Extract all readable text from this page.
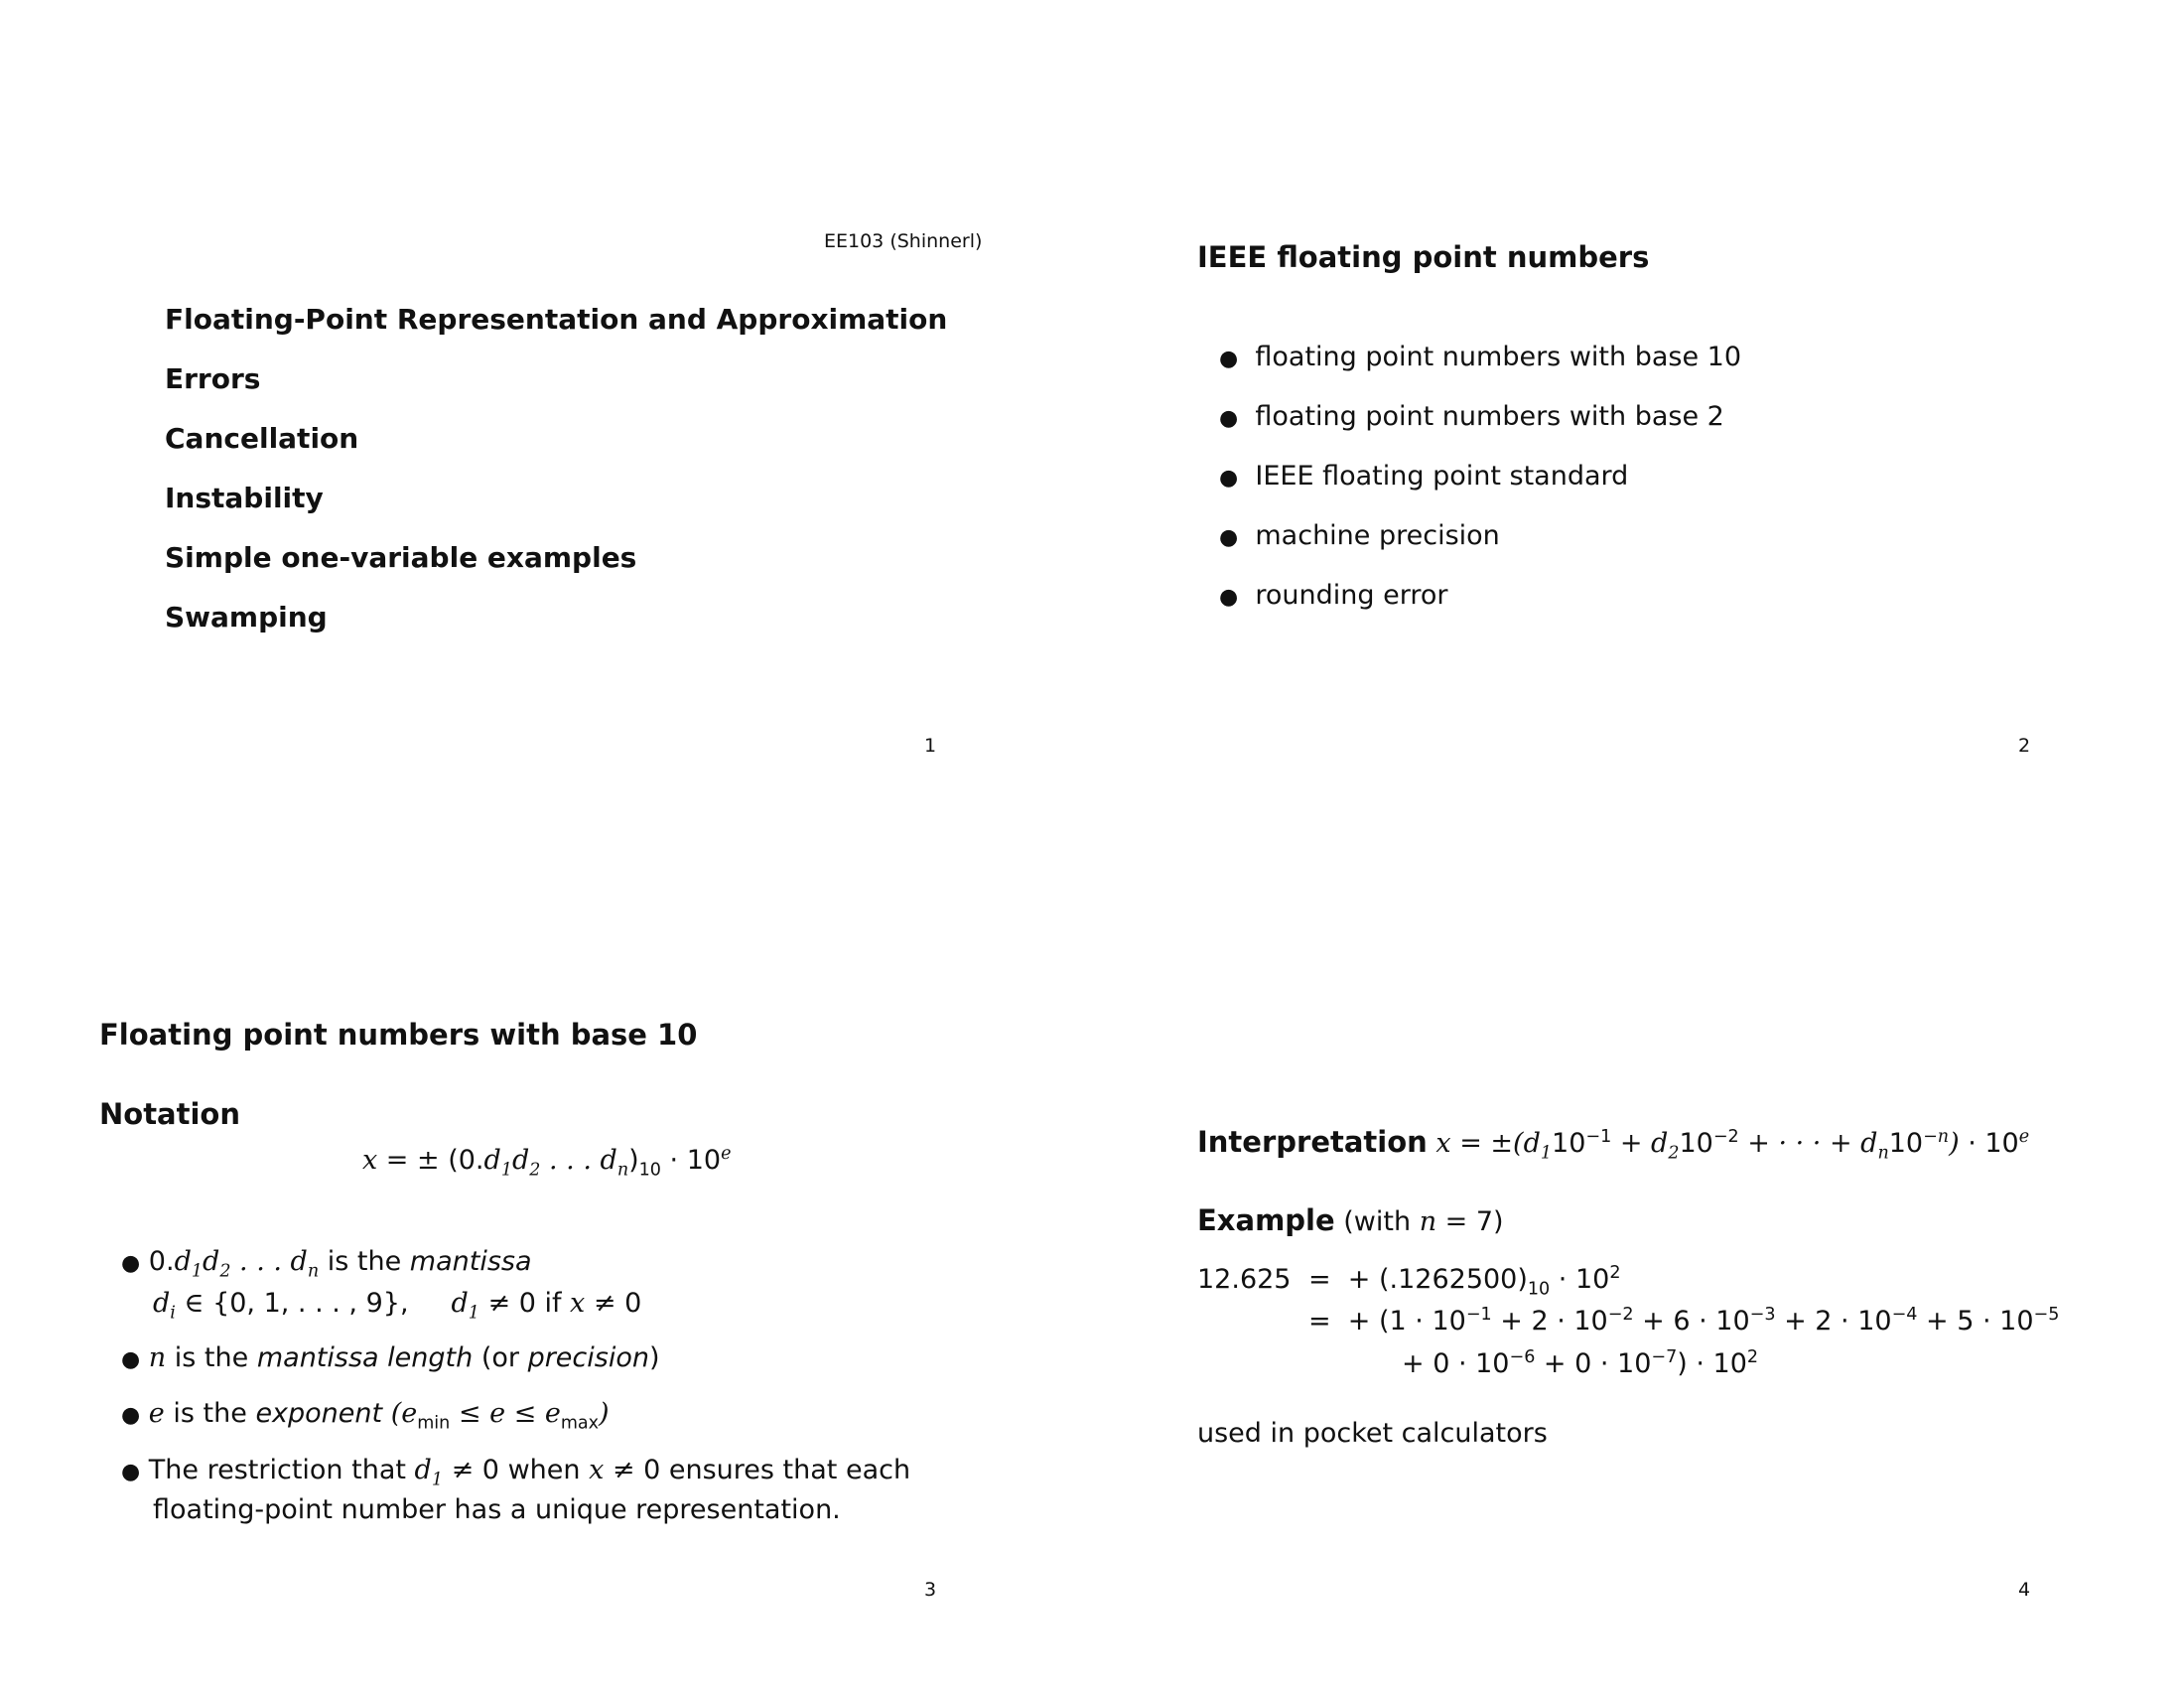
EE103 (Shinnerl)
Floating-Point Representation and Approximation
Errors
Cancellation
Instability
Simple one-variable examples
Swamping
1
IEEE floating point numbers
● floating point numbers with base 10
● floating point numbers with base 2
● IEEE floating point standard
● machine precision
● rounding error
2
Floating point numbers with base 10
Notation
x = ± ($0.d_1d_2$ . . . $d_n)_{10} \cdot 10^e$
● $0.d_1d_2$ . . . $d_n$ is the mantissa
$d_i$ ∈ {0, 1, . . . , 9},     $d_1 \ne 0$ if x ≠ 0
● n is the mantissa length (or precision)
● e is the exponent $(e_{min} \le e \le e_{max})$
● The restriction that $d_1 \ne 0$ when x ≠ 0 ensures that each
floating-point number has a unique representation.
3
Interpretation $x = \pm(d_110^{-1} + d_210^{-2}$ + · · · + $d_n10^{-n}) \cdot 10^e$
Example (with n = 7)
12.625 =  + $(.1262500)_{10} \cdot 10^2$
=  + ($1 \cdot 10^{-1} + 2 \cdot 10^{-2} + 6 \cdot 10^{-3} + 2 \cdot 10^{-4} + 5 \cdot 10^{-5}$
+ $0 \cdot 10^{-6} + 0 \cdot 10^{-7}) \cdot 10^2$
used in pocket calculators
4
